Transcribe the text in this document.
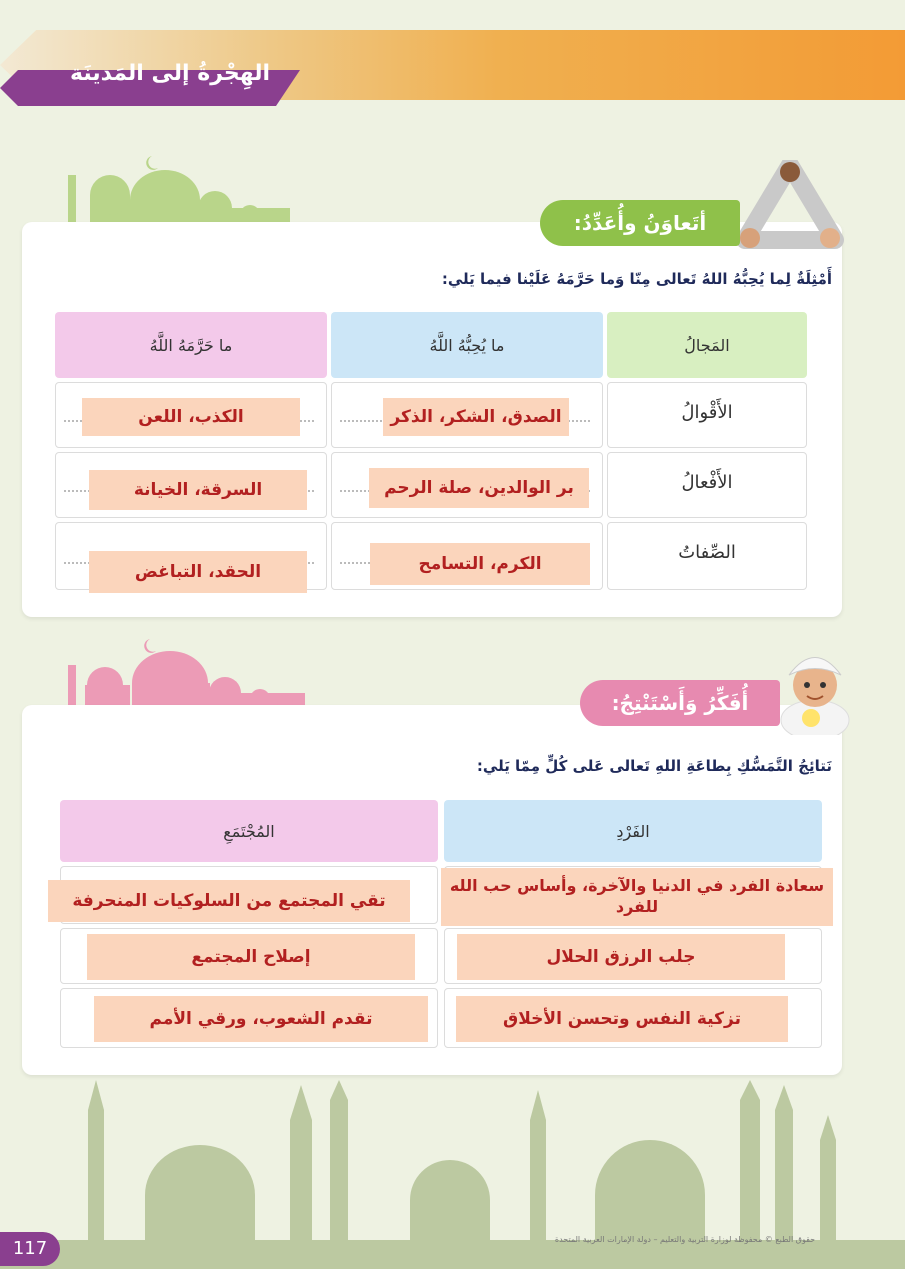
الهِجْرةُ إلى المَدينَة
أتَعاوَنُ وأُعَدِّدُ:
أَمْثِلَةٌ لِما يُحِبُّهُ اللهُ تَعالى مِنّا وَما حَرَّمَهُ عَلَيْنا فيما يَلي:
المَجالُ
ما يُحِبُّهُ اللَّهُ
ما حَرَّمَهُ اللَّهُ
الأَقْوالُ
الصدق، الشكر، الذكر
الكذب، اللعن
الأَفْعالُ
بر الوالدين، صلة الرحم
السرقة، الخيانة
الصِّفاتُ
الكرم، التسامح
الحقد، التباغض
أُفَكِّرُ وَأَسْتَنْتِجُ:
نَتائِجُ التَّمَسُّكِ بِطاعَةِ اللهِ تَعالى عَلى كُلٍّ مِمّا يَلي:
الفَرْدِ
المُجْتَمَعِ
سعادة الفرد في الدنيا والآخرة، وأساس حب الله للفرد
تقي المجتمع من السلوكيات المنحرفة
جلب الرزق الحلال
إصلاح المجتمع
تزكية النفس وتحسن الأخلاق
تقدم الشعوب، ورقي الأمم
117	حقوق الطبع © محفوظة لوزارة التربية والتعليم – دولة الإمارات العربية المتحدة
